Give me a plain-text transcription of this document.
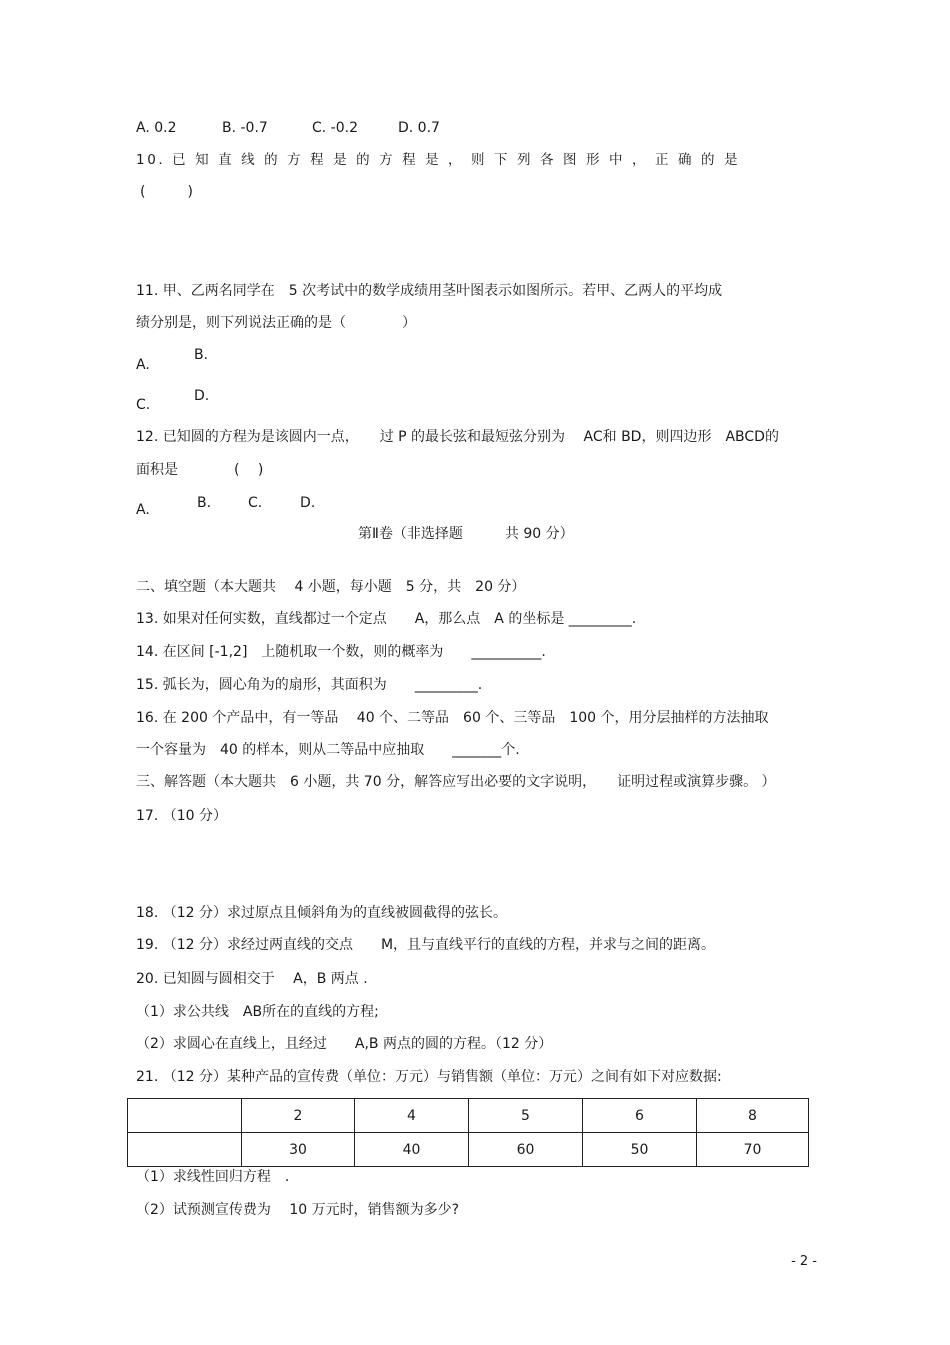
A. 0.2	B. -0.7	C. -0.2	D. 0.7
10. 已 知 直 线 的 方 程 是 的 方 程 是 ， 则 下 列 各 图 形 中 ， 正 确 的 是
(　　　)
11. 甲、乙两名同学在　5 次考试中的数学成绩用茎叶图表示如图所示。若甲、乙两人的平均成
绩分别是，则下列说法正确的是（　　　　）
A.
B.
C.
D.
12. 已知圆的方程为是该圆内一点，　　过 P 的最长弦和最短弦分别为　 AC和 BD，则四边形　ABCD的
面积是　　　　(　 )
A.	B.	C.	D.
第Ⅱ卷（非选择题　　　共 90 分）
二、填空题（本大题共　 4 小题，每小题　5 分，共　20 分）
13. 如果对任何实数，直线都过一个定点　　A，那么点　A 的坐标是 _________.
14. 在区间 [-1,2]　上随机取一个数，则的概率为　　__________.
15. 弧长为，圆心角为的扇形，其面积为　　_________.
16. 在 200 个产品中，有一等品　 40 个、二等品　60 个、三等品　100 个，用分层抽样的方法抽取
一个容量为　40 的样本，则从二等品中应抽取　　_______个.
三、解答题（本大题共　6 小题，共 70 分，解答应写出必要的文字说明，　　证明过程或演算步骤。 ）
17. （10 分）
18. （12 分）求过原点且倾斜角为的直线被圆截得的弦长。
19. （12 分）求经过两直线的交点　　M，且与直线平行的直线的方程，并求与之间的距离。
20. 已知圆与圆相交于　 A，B 两点 .
（1）求公共线　AB所在的直线的方程;
（2）求圆心在直线上，且经过　　A,B 两点的圆的方程。（12 分）
21. （12 分）某种产品的宣传费（单位：万元）与销售额（单位：万元）之间有如下对应数据:
	2	4	5	6	8
	30	40	60	50	70
（1）求线性回归方程　.
（2）试预测宣传费为　 10 万元时，销售额为多少?
- 2 -
